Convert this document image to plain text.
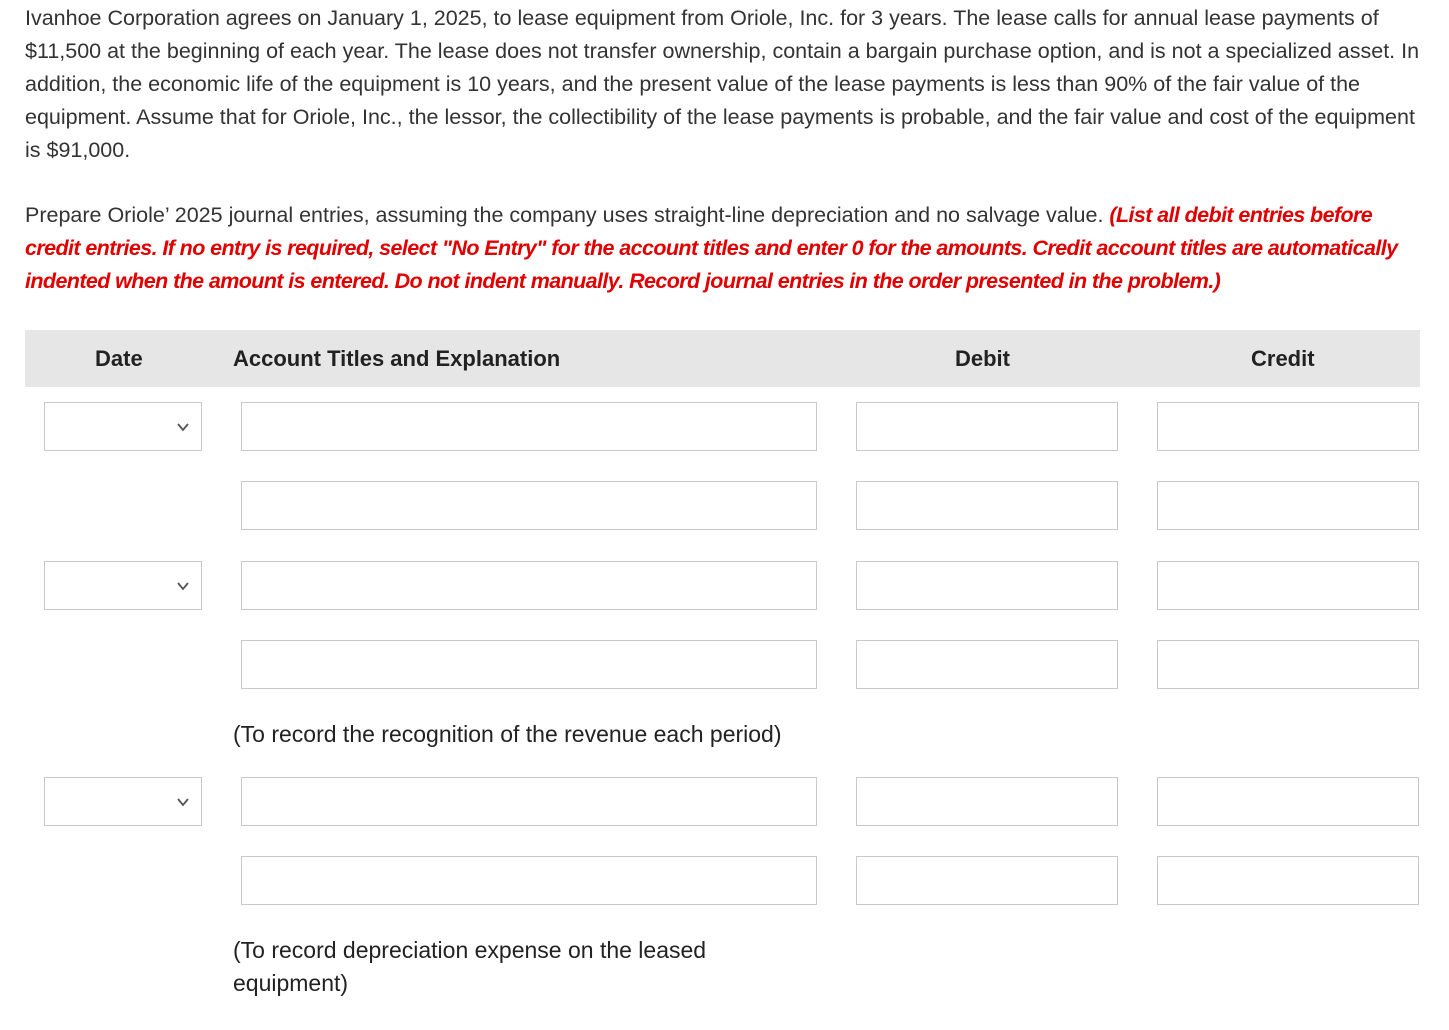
Ivanhoe Corporation agrees on January 1, 2025, to lease equipment from Oriole, Inc. for 3 years. The lease calls for annual lease payments of $11,500 at the beginning of each year. The lease does not transfer ownership, contain a bargain purchase option, and is not a specialized asset. In addition, the economic life of the equipment is 10 years, and the present value of the lease payments is less than 90% of the fair value of the equipment. Assume that for Oriole, Inc., the lessor, the collectibility of the lease payments is probable, and the fair value and cost of the equipment is $91,000.

Prepare Oriole’ 2025 journal entries, assuming the company uses straight-line depreciation and no salvage value. (List all debit entries before credit entries. If no entry is required, select "No Entry" for the account titles and enter 0 for the amounts. Credit account titles are automatically indented when the amount is entered. Do not indent manually. Record journal entries in the order presented in the problem.)

Date	Account Titles and Explanation	Debit	Credit
(To record the recognition of the revenue each period)
(To record depreciation expense on the leased equipment)
